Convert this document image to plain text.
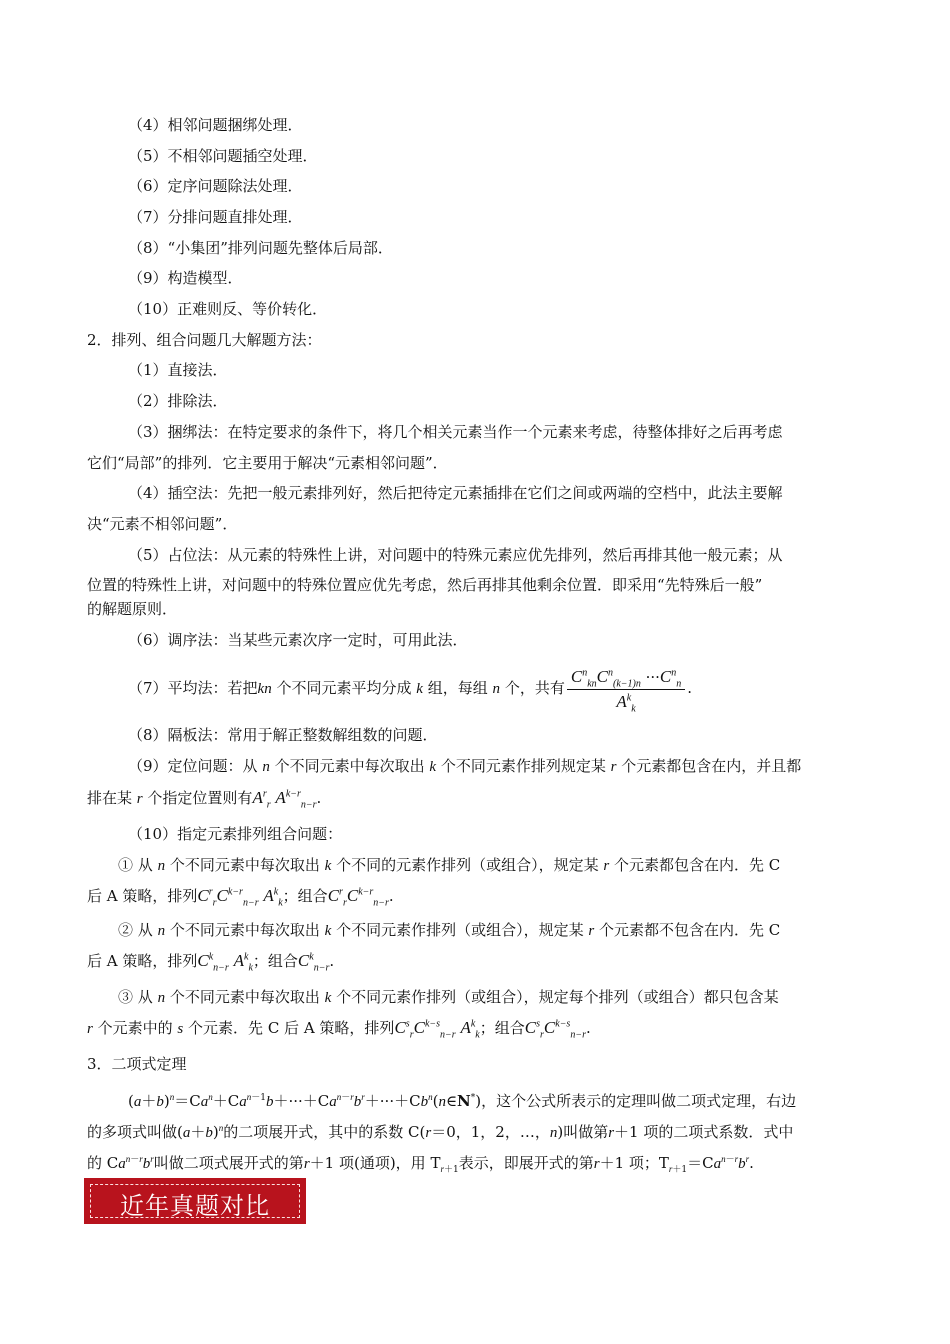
（4）相邻问题捆绑处理．
（5）不相邻问题插空处理．
（6）定序问题除法处理．
（7）分排问题直排处理．
（8）“小集团”排列问题先整体后局部．
（9）构造模型．
（10）正难则反、等价转化．
2．排列、组合问题几大解题方法：
（1）直接法．
（2）排除法．
（3）捆绑法：在特定要求的条件下，将几个相关元素当作一个元素来考虑，待整体排好之后再考虑
它们“局部”的排列．它主要用于解决“元素相邻问题”．
（4）插空法：先把一般元素排列好，然后把待定元素插排在它们之间或两端的空档中，此法主要解
决“元素不相邻问题”．
（5）占位法：从元素的特殊性上讲，对问题中的特殊元素应优先排列，然后再排其他一般元素；从
位置的特殊性上讲，对问题中的特殊位置应优先考虑，然后再排其他剩余位置．即采用“先特殊后一般”
的解题原则．
（6）调序法：当某些元素次序一定时，可用此法．
（7）平均法：若把kn 个不同元素平均分成 k 组，每组 n 个，共有 $\frac{C^n_{kn}C^n_{(k-1)n} \cdot\cdot\cdot C^n_n}{A^k_k}$ .
（8）隔板法：常用于解正整数解组数的问题．
（9）定位问题：从 n 个不同元素中每次取出 k 个不同元素作排列规定某 r 个元素都包含在内，并且都
排在某 r 个指定位置则有$A^r_r$ $A^{k-r}_{n-r}$.
（10）指定元素排列组合问题：
① 从 n 个不同元素中每次取出 k 个不同的元素作排列（或组合），规定某 r 个元素都包含在内．先 C
后 A 策略，排列$C^r_rC^{k-r}_{n-r}$ $A^k_k$；组合$C^r_rC^{k-r}_{n-r}$.
② 从 n 个不同元素中每次取出 k 个不同元素作排列（或组合），规定某 r 个元素都不包含在内．先 C
后 A 策略，排列$C^k_{n-r}$ $A^k_k$；组合$C^k_{n-r}$.
③ 从 n 个不同元素中每次取出 k 个不同元素作排列（或组合），规定每个排列（或组合）都只包含某
r 个元素中的 s 个元素．先 C 后 A 策略，排列$C^s_rC^{k-s}_{n-r}$ $A^k_k$；组合$C^s_rC^{k-s}_{n-r}$.
3．二项式定理
$(a+b)^n=Ca^n+Ca^{n-1}b+\cdot\cdot\cdot+Ca^{n-r}b^r+\cdot\cdot\cdot+Cb^n(n\in N^*)$，这个公式所表示的定理叫做二项式定理，右边
的多项式叫做$(a+b)^n$的二项展开式，其中的系数 C(r＝0，1，2，…，n)叫做第r＋1 项的二项式系数．式中
的 $Ca^{n-r}b^r$叫做二项式展开式的第r＋1 项(通项)，用 $T_{r+1}$表示，即展开式的第r＋1 项；$T_{r+1}=Ca^{n-r}b^r$.
近年真题对比
